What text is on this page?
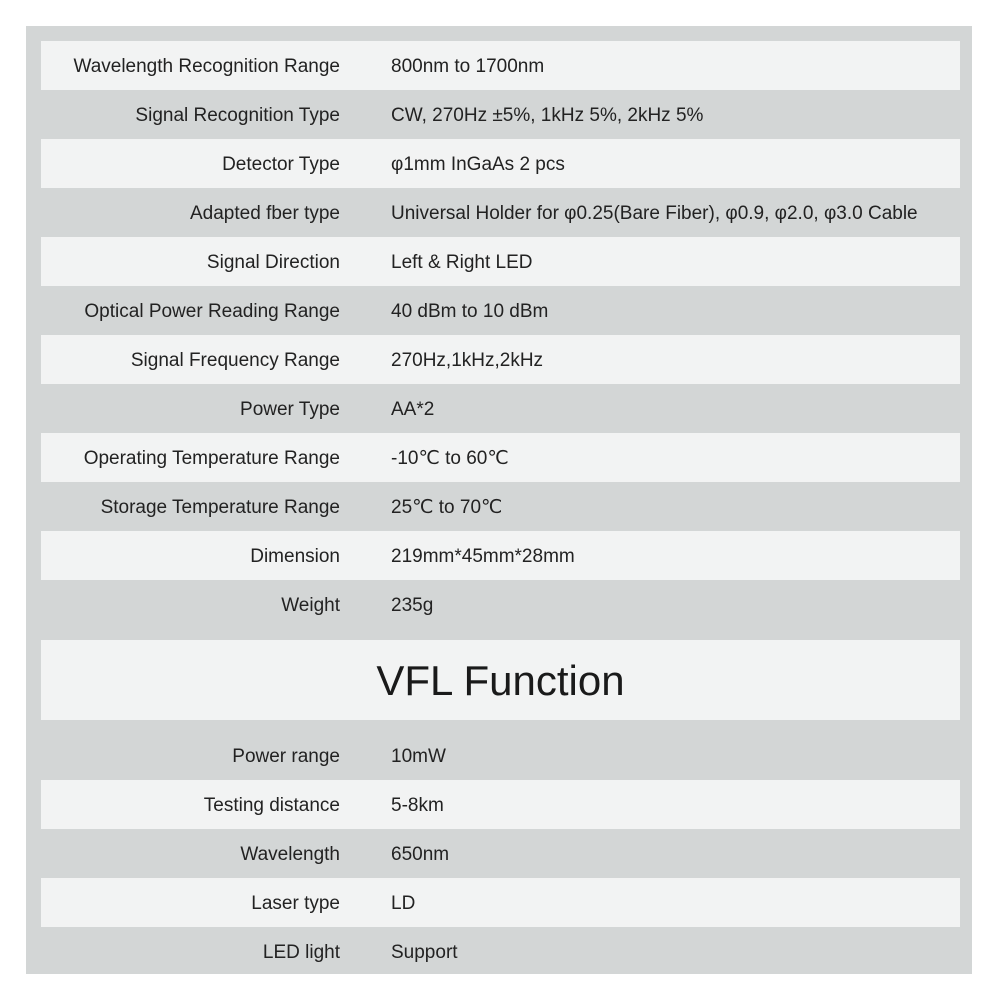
Wavelength Recognition Range	800nm to 1700nm
Signal Recognition Type	CW, 270Hz ±5%, 1kHz 5%, 2kHz 5%
Detector Type	φ1mm InGaAs 2 pcs
Adapted fber type	Universal Holder for φ0.25(Bare Fiber), φ0.9, φ2.0, φ3.0 Cable
Signal Direction	Left & Right LED
Optical Power Reading Range	40 dBm to 10 dBm
Signal Frequency Range	270Hz,1kHz,2kHz
Power Type	AA*2
Operating Temperature Range	-10℃ to 60℃
Storage Temperature Range	25℃ to 70℃
Dimension	219mm*45mm*28mm
Weight	235g
VFL Function
Power range	10mW
Testing distance	5-8km
Wavelength	650nm
Laser type	LD
LED light	Support
